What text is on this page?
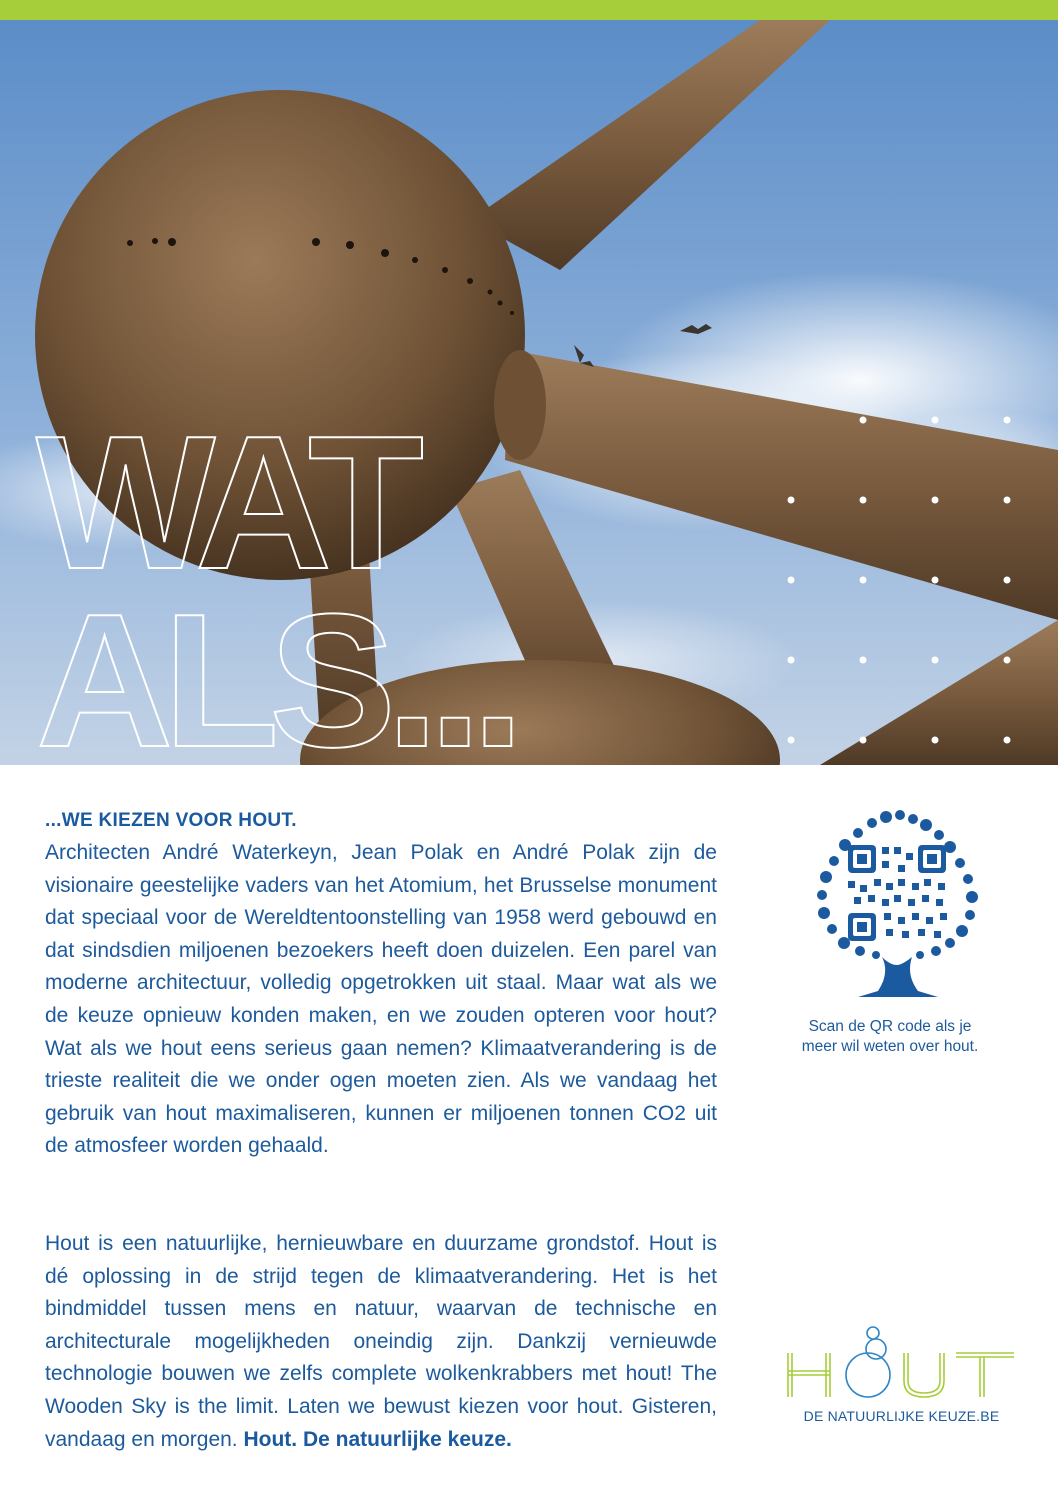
WAT
ALS...
...WE KIEZEN VOOR HOUT.

Architecten André Waterkeyn, Jean Polak en André Polak zijn de visionaire geestelijke vaders van het Atomium, het Brusselse monument dat speciaal voor de Wereldtentoonstelling van 1958 werd gebouwd en dat sindsdien miljoenen bezoekers heeft doen duizelen. Een parel van moderne architectuur, volledig opgetrokken uit staal. Maar wat als we de keuze opnieuw konden maken, en we zouden opteren voor hout? Wat als we hout eens serieus gaan nemen? Klimaatverandering is de trieste realiteit die we onder ogen moeten zien. Als we vandaag het gebruik van hout maximaliseren, kunnen er miljoenen tonnen CO2 uit de atmosfeer worden gehaald.

Hout is een natuurlijke, hernieuwbare en duurzame grondstof. Hout is dé oplossing in de strijd tegen de klimaatverandering. Het is het bindmiddel tussen mens en natuur, waarvan de technische en architecturale mogelijkheden oneindig zijn. Dankzij vernieuwde technologie bouwen we zelfs complete wolkenkrabbers met hout! The Wooden Sky is the limit. Laten we bewust kiezen voor hout. Gisteren, vandaag en morgen. Hout. De natuurlijke keuze.

Scan de QR code als je meer wil weten over hout.

DE NATUURLIJKE KEUZE.BE
